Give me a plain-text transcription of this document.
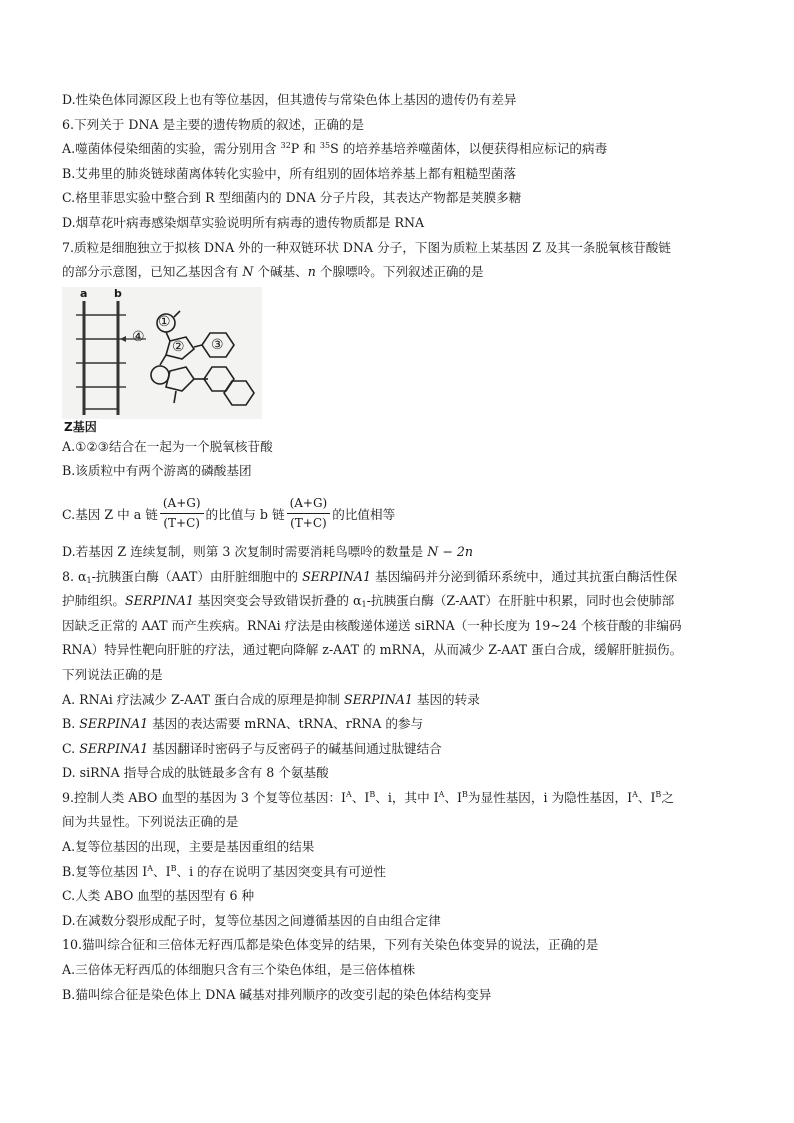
D.性染色体同源区段上也有等位基因，但其遗传与常染色体上基因的遗传仍有差异
6.下列关于 DNA 是主要的遗传物质的叙述，正确的是
A.噬菌体侵染细菌的实验，需分别用含 $^{32}$P 和 $^{35}$S 的培养基培养噬菌体，以便获得相应标记的病毒
B.艾弗里的肺炎链球菌离体转化实验中，所有组别的固体培养基上都有粗糙型菌落
C.格里菲思实验中整合到 R 型细菌内的 DNA 分子片段，其表达产物都是荚膜多糖
D.烟草花叶病毒感染烟草实验说明所有病毒的遗传物质都是 RNA
7.质粒是细胞独立于拟核 DNA 外的一种双链环状 DNA 分子，下图为质粒上某基因 Z 及其一条脱氧核苷酸链
的部分示意图，已知乙基因含有 N 个碱基、n 个腺嘌呤。下列叙述正确的是
a b
①
② ③
④
Z基因
A.①②③结合在一起为一个脱氧核苷酸
B.该质粒中有两个游离的磷酸基团
C.基因 Z 中 a 链 $\frac{(A+G)}{(T+C)}$ 的比值与 b 链 $\frac{(A+G)}{(T+C)}$ 的比值相等
D.若基因 Z 连续复制，则第 3 次复制时需要消耗鸟嘌呤的数量是 N − 2n
8. $\alpha_1-$抗胰蛋白酶（AAT）由肝脏细胞中的 SERPINA1 基因编码并分泌到循环系统中，通过其抗蛋白酶活性保
护肺组织。SERPINA1 基因突变会导致错误折叠的 $\alpha_1-$抗胰蛋白酶（Z-AAT）在肝脏中积累，同时也会使肺部
因缺乏正常的 AAT 而产生疾病。RNAi 疗法是由核酸递体递送 siRNA（一种长度为 19~24 个核苷酸的非编码
RNA）特异性靶向肝脏的疗法，通过靶向降解 z-AAT 的 mRNA，从而减少 Z-AAT 蛋白合成，缓解肝脏损伤。
下列说法正确的是
A. RNAi 疗法减少 Z-AAT 蛋白合成的原理是抑制 SERPINA1 基因的转录
B. SERPINA1 基因的表达需要 mRNA、tRNA、rRNA 的参与
C. SERPINA1 基因翻译时密码子与反密码子的碱基间通过肽键结合
D. siRNA 指导合成的肽链最多含有 8 个氨基酸
9.控制人类 ABO 血型的基因为 3 个复等位基因：$I^A$、$I^B$、i，其中 $I^A$、$I^B$为显性基因，i 为隐性基因，$I^A$、$I^B$之
间为共显性。下列说法正确的是
A.复等位基因的出现，主要是基因重组的结果
B.复等位基因 $I^A$、$I^B$、i 的存在说明了基因突变具有可逆性
C.人类 ABO 血型的基因型有 6 种
D.在减数分裂形成配子时，复等位基因之间遵循基因的自由组合定律
10.猫叫综合征和三倍体无籽西瓜都是染色体变异的结果，下列有关染色体变异的说法，正确的是
A.三倍体无籽西瓜的体细胞只含有三个染色体组，是三倍体植株
B.猫叫综合征是染色体上 DNA 碱基对排列顺序的改变引起的染色体结构变异
